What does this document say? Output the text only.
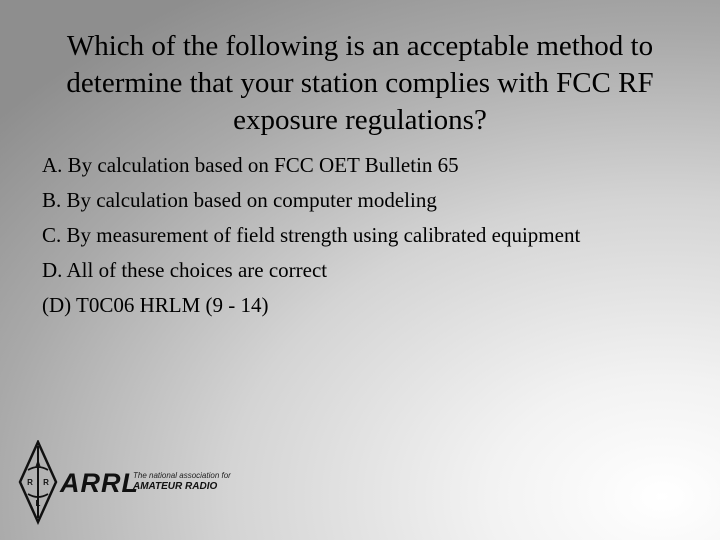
Which of the following is an acceptable method to determine that your station complies with FCC RF exposure regulations?
A. By calculation based on FCC OET Bulletin 65
B. By calculation based on computer modeling
C. By measurement of field strength using calibrated equipment
D. All of these choices are correct
(D) T0C06 HRLM (9 - 14)
A
R R
L
ARRL
The national association for
AMATEUR RADIO
